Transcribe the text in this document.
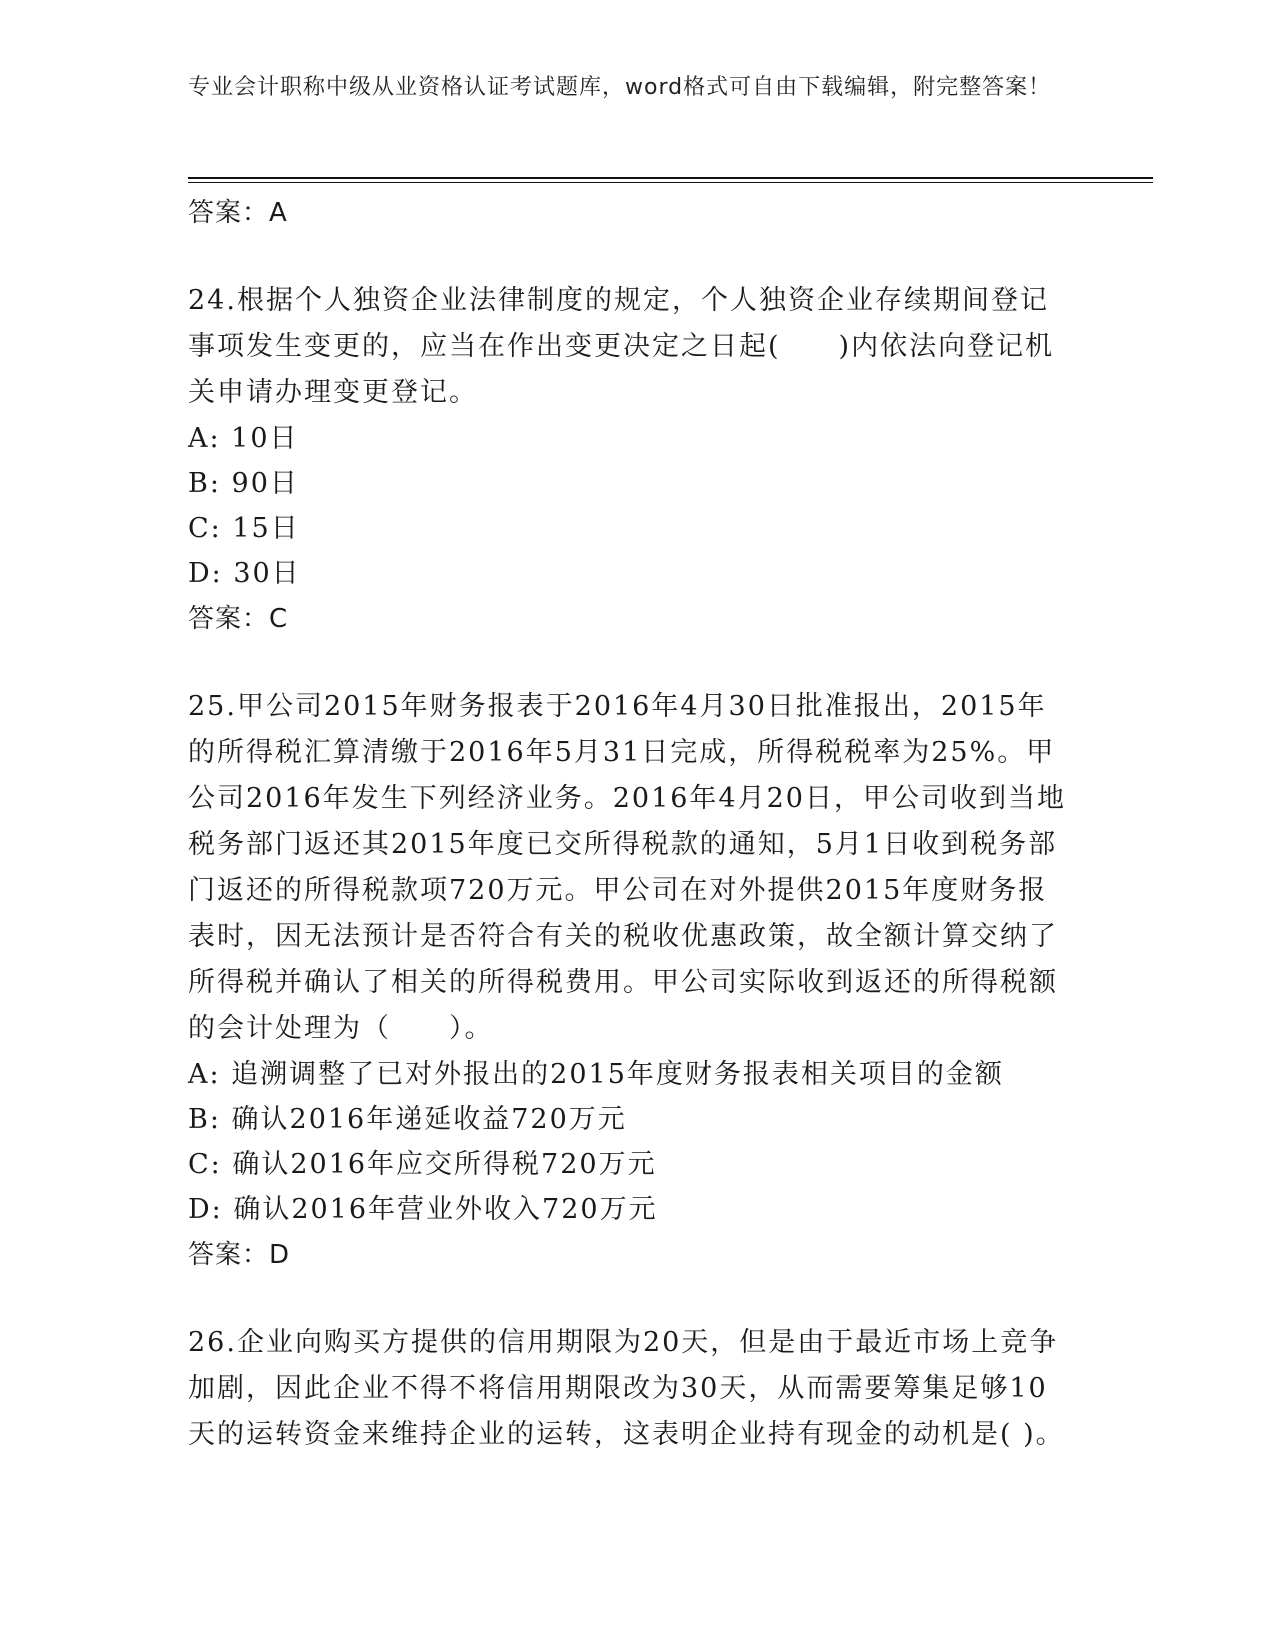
专业会计职称中级从业资格认证考试题库，word格式可自由下载编辑，附完整答案！
答案：A
24.根据个人独资企业法律制度的规定，个人独资企业存续期间登记事项发生变更的，应当在作出变更决定之日起(　　)内依法向登记机关申请办理变更登记。
A: 10日
B: 90日
C: 15日
D: 30日
答案：C
25.甲公司2015年财务报表于2016年4月30日批准报出，2015年的所得税汇算清缴于2016年5月31日完成，所得税税率为25%。甲公司2016年发生下列经济业务。2016年4月20日，甲公司收到当地税务部门返还其2015年度已交所得税款的通知，5月1日收到税务部门返还的所得税款项720万元。甲公司在对外提供2015年度财务报表时，因无法预计是否符合有关的税收优惠政策，故全额计算交纳了所得税并确认了相关的所得税费用。甲公司实际收到返还的所得税额的会计处理为（　　）。
A: 追溯调整了已对外报出的2015年度财务报表相关项目的金额
B: 确认2016年递延收益720万元
C: 确认2016年应交所得税720万元
D: 确认2016年营业外收入720万元
答案：D
26.企业向购买方提供的信用期限为20天，但是由于最近市场上竞争加剧，因此企业不得不将信用期限改为30天，从而需要筹集足够10天的运转资金来维持企业的运转，这表明企业持有现金的动机是( )。
